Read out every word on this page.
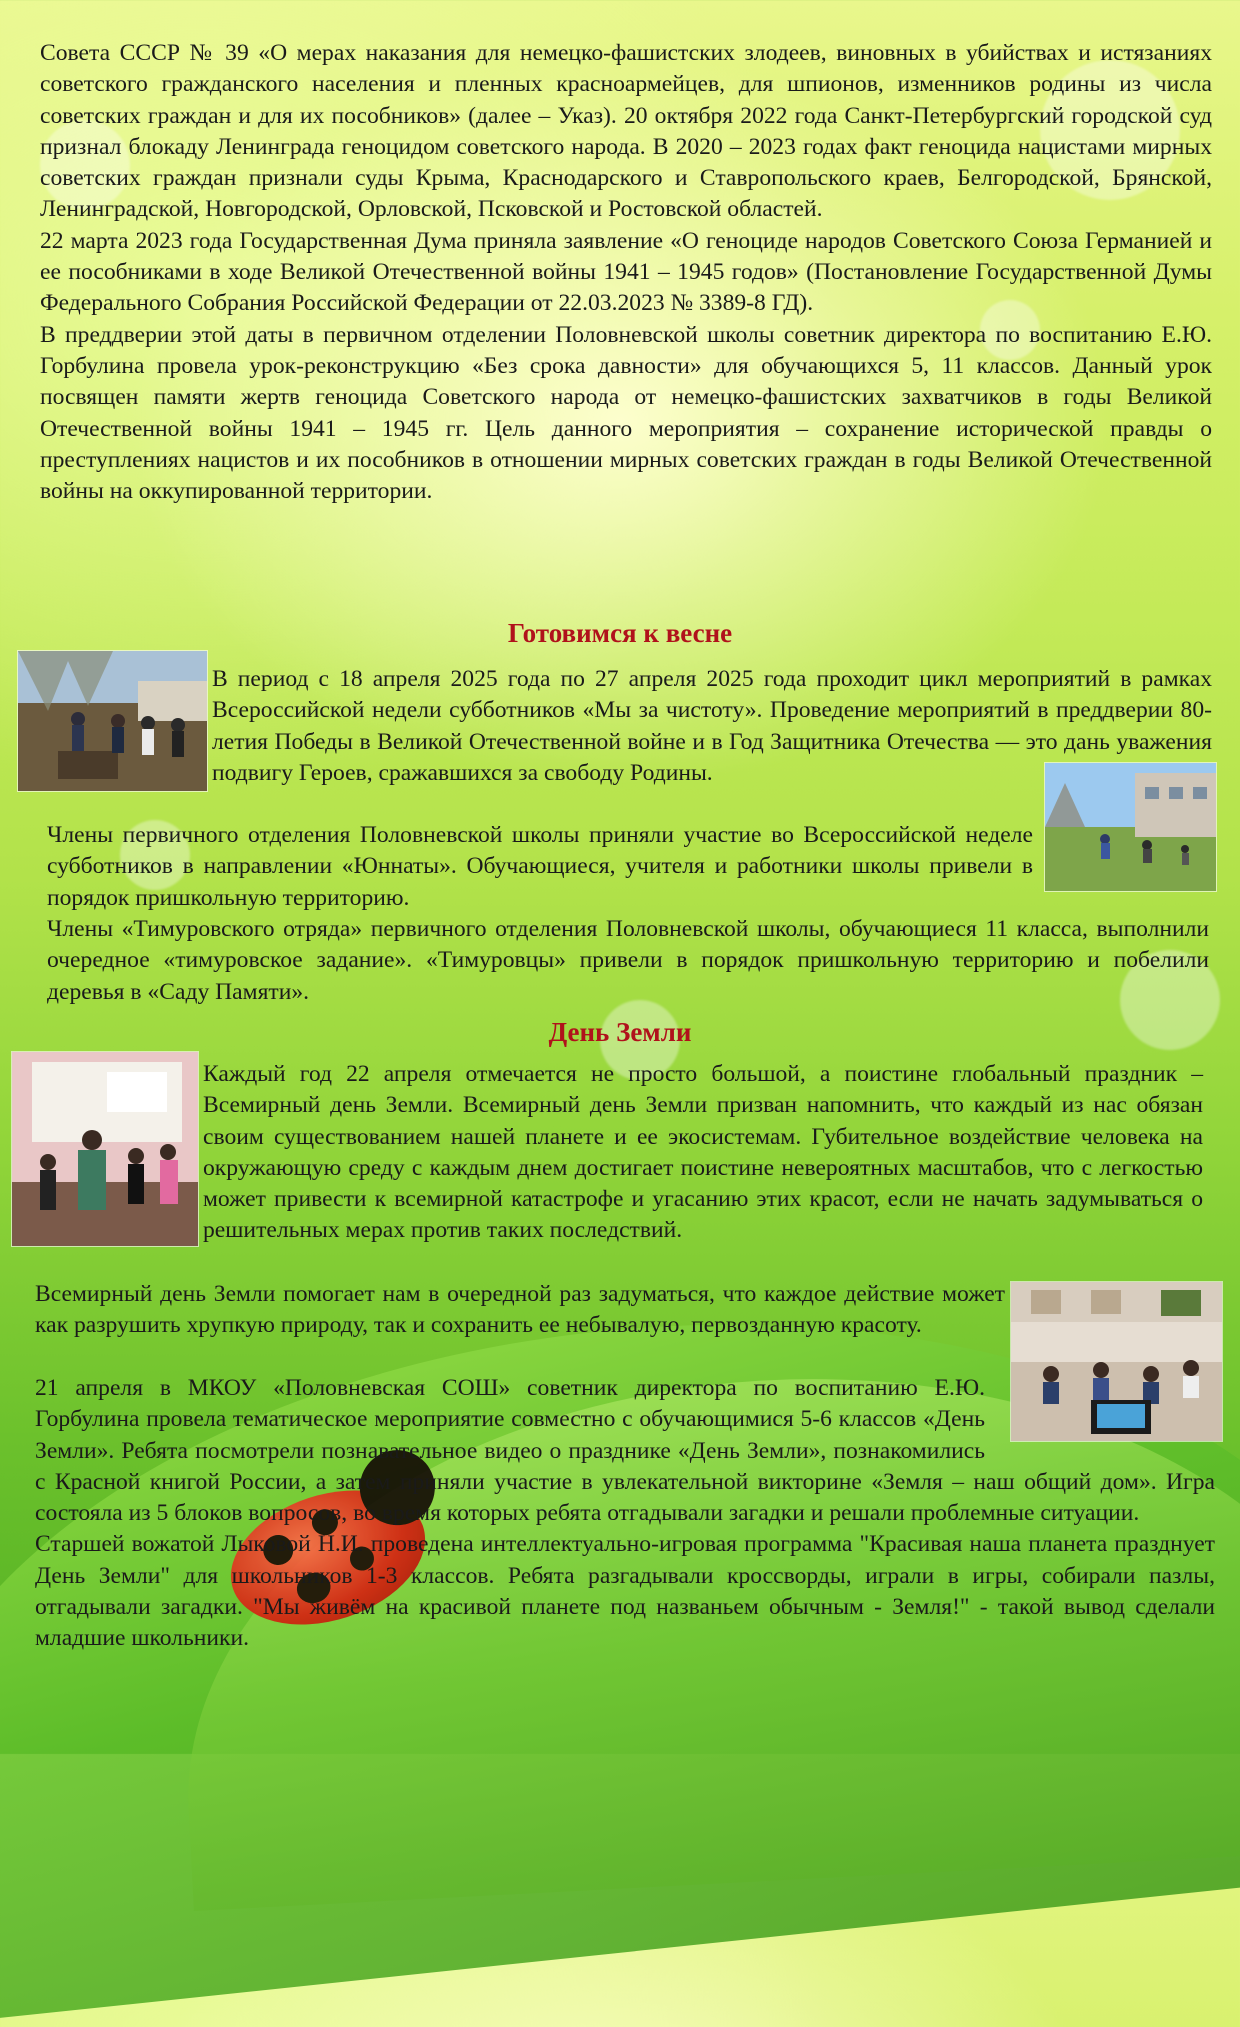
Совета СССР № 39 «О мерах наказания для немецко-фашистских злодеев, виновных в убийствах и истязаниях советского гражданского населения и пленных красноармейцев, для шпионов, изменников родины из числа советских граждан и для их пособников» (далее – Указ). 20 октября 2022 года Санкт-Петербургский городской суд признал блокаду Ленинграда геноцидом советского народа. В 2020 – 2023 годах факт геноцида нацистами мирных советских граждан признали суды Крыма, Краснодарского и Ставропольского краев, Белгородской, Брянской, Ленинградской, Новгородской, Орловской, Псковской и Ростовской областей.

22 марта 2023 года Государственная Дума приняла заявление «О геноциде народов Советского Союза Германией и ее пособниками в ходе Великой Отечественной войны 1941 – 1945 годов» (Постановление Государственной Думы Федерального Собрания Российской Федерации от 22.03.2023 № 3389-8 ГД).

В преддверии этой даты в первичном отделении Половневской школы советник директора по воспитанию Е.Ю. Горбулина провела урок-реконструкцию «Без срока давности» для обучающихся 5, 11 классов. Данный урок посвящен памяти жертв геноцида Советского народа от немецко-фашистских захватчиков в годы Великой Отечественной войны 1941 – 1945 гг. Цель данного мероприятия – сохранение исторической правды о преступлениях нацистов и их пособников в отношении мирных советских граждан в годы Великой Отечественной войны на оккупированной территории.

Готовимся к весне
В период с 18 апреля 2025 года по 27 апреля 2025 года проходит цикл мероприятий в рамках Всероссийской недели субботников «Мы за чистоту». Проведение мероприятий в преддверии 80-летия Победы в Великой Отечественной войне и в Год Защитника Отечества — это дань уважения подвигу Героев, сражавшихся за свободу Родины.
Члены первичного отделения Половневской школы приняли участие во Всероссийской неделе субботников в направлении «Юннаты». Обучающиеся, учителя и работники школы привели в порядок пришкольную территорию.
Члены «Тимуровского отряда» первичного отделения Половневской школы, обучающиеся 11 класса, выполнили очередное «тимуровское задание». «Тимуровцы» привели в порядок пришкольную территорию и побелили деревья в «Саду Памяти».
День Земли
Каждый год 22 апреля отмечается не просто большой, а поистине глобальный праздник – Всемирный день Земли. Всемирный день Земли призван напомнить, что каждый из нас обязан своим существованием нашей планете и ее экосистемам. Губительное воздействие человека на окружающую среду с каждым днем достигает поистине невероятных масштабов, что с легкостью может привести к всемирной катастрофе и угасанию этих красот, если не начать задумываться о решительных мерах против таких последствий.
Всемирный день Земли помогает нам в очередной раз задуматься, что каждое действие может как разрушить хрупкую природу, так и сохранить ее небывалую, первозданную красоту.

21 апреля в МКОУ «Половневская СОШ» советник директора по воспитанию Е.Ю. Горбулина провела тематическое мероприятие совместно с обучающимися 5-6 классов «День Земли». Ребята посмотрели познавательное видео о празднике «День Земли», познакомились с Красной книгой России, а затем приняли участие в увлекательной викторине «Земля – наш общий дом». Игра состояла из 5 блоков вопросов, во время которых ребята отгадывали загадки и решали проблемные ситуации.

Старшей вожатой Лыковой Н.И. проведена интеллектуально-игровая программа "Красивая наша планета празднует День Земли" для школьников 1-3 классов. Ребята разгадывали кроссворды, играли в игры, собирали пазлы, отгадывали загадки. "Мы живём на красивой планете под названьем обычным - Земля!" - такой вывод сделали младшие школьники.
